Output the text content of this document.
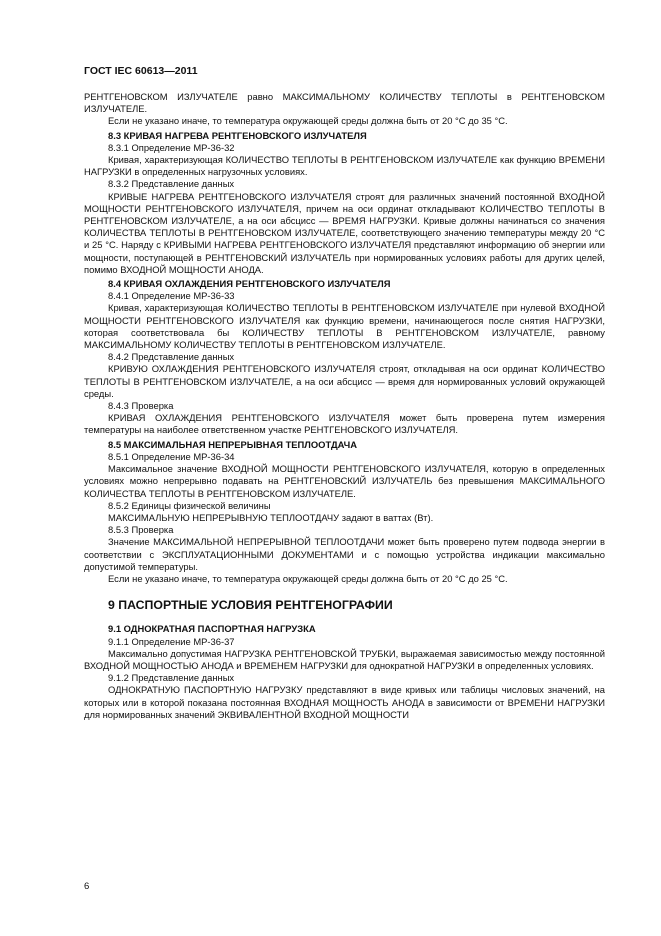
ГОСТ IEC 60613—2011

РЕНТГЕНОВСКОМ ИЗЛУЧАТЕЛЕ равно МАКСИМАЛЬНОМУ КОЛИЧЕСТВУ ТЕПЛОТЫ в РЕНТГЕНОВСКОМ ИЗЛУЧАТЕЛЕ.

Если не указано иначе, то температура окружающей среды должна быть от 20 °С до 35 °С.

8.3 КРИВАЯ НАГРЕВА РЕНТГЕНОВСКОГО ИЗЛУЧАТЕЛЯ

8.3.1 Определение МР-36-32

Кривая, характеризующая КОЛИЧЕСТВО ТЕПЛОТЫ В РЕНТГЕНОВСКОМ ИЗЛУЧАТЕЛЕ как функцию ВРЕМЕНИ НАГРУЗКИ в определенных нагрузочных условиях.

8.3.2 Представление данных

КРИВЫЕ НАГРЕВА РЕНТГЕНОВСКОГО ИЗЛУЧАТЕЛЯ строят для различных значений постоянной ВХОДНОЙ МОЩНОСТИ РЕНТГЕНОВСКОГО ИЗЛУЧАТЕЛЯ, причем на оси ординат откладывают КОЛИЧЕСТВО ТЕПЛОТЫ В РЕНТГЕНОВСКОМ ИЗЛУЧАТЕЛЕ, а на оси абсцисс — ВРЕМЯ НАГРУЗКИ. Кривые должны начинаться со значения КОЛИЧЕСТВА ТЕПЛОТЫ В РЕНТГЕНОВСКОМ ИЗЛУЧАТЕЛЕ, соответствующего значению температуры между 20 °С и 25 °С. Наряду с КРИВЫМИ НАГРЕВА РЕНТГЕНОВСКОГО ИЗЛУЧАТЕЛЯ представляют информацию об энергии или мощности, поступающей в РЕНТГЕНОВСКИЙ ИЗЛУЧАТЕЛЬ при нормированных условиях работы для других целей, помимо ВХОДНОЙ МОЩНОСТИ АНОДА.

8.4 КРИВАЯ ОХЛАЖДЕНИЯ РЕНТГЕНОВСКОГО ИЗЛУЧАТЕЛЯ

8.4.1 Определение МР-36-33

Кривая, характеризующая КОЛИЧЕСТВО ТЕПЛОТЫ В РЕНТГЕНОВСКОМ ИЗЛУЧАТЕЛЕ при нулевой ВХОДНОЙ МОЩНОСТИ РЕНТГЕНОВСКОГО ИЗЛУЧАТЕЛЯ как функцию времени, начинающегося после снятия НАГРУЗКИ, которая соответствовала бы КОЛИЧЕСТВУ ТЕПЛОТЫ В РЕНТГЕНОВСКОМ ИЗЛУЧАТЕЛЕ, равному МАКСИМАЛЬНОМУ КОЛИЧЕСТВУ ТЕПЛОТЫ В РЕНТГЕНОВСКОМ ИЗЛУЧАТЕЛЕ.

8.4.2 Представление данных

КРИВУЮ ОХЛАЖДЕНИЯ РЕНТГЕНОВСКОГО ИЗЛУЧАТЕЛЯ строят, откладывая на оси ординат КОЛИЧЕСТВО ТЕПЛОТЫ В РЕНТГЕНОВСКОМ ИЗЛУЧАТЕЛЕ, а на оси абсцисс — время для нормированных условий окружающей среды.

8.4.3 Проверка

КРИВАЯ ОХЛАЖДЕНИЯ РЕНТГЕНОВСКОГО ИЗЛУЧАТЕЛЯ может быть проверена путем измерения температуры на наиболее ответственном участке РЕНТГЕНОВСКОГО ИЗЛУЧАТЕЛЯ.

8.5 МАКСИМАЛЬНАЯ НЕПРЕРЫВНАЯ ТЕПЛООТДАЧА

8.5.1 Определение МР-36-34

Максимальное значение ВХОДНОЙ МОЩНОСТИ РЕНТГЕНОВСКОГО ИЗЛУЧАТЕЛЯ, которую в определенных условиях можно непрерывно подавать на РЕНТГЕНОВСКИЙ ИЗЛУЧАТЕЛЬ без превышения МАКСИМАЛЬНОГО КОЛИЧЕСТВА ТЕПЛОТЫ В РЕНТГЕНОВСКОМ ИЗЛУЧАТЕЛЕ.

8.5.2 Единицы физической величины

МАКСИМАЛЬНУЮ НЕПРЕРЫВНУЮ ТЕПЛООТДАЧУ задают в ваттах (Вт).

8.5.3 Проверка

Значение МАКСИМАЛЬНОЙ НЕПРЕРЫВНОЙ ТЕПЛООТДАЧИ может быть проверено путем подвода энергии в соответствии с ЭКСПЛУАТАЦИОННЫМИ ДОКУМЕНТАМИ и с помощью устройства индикации максимально допустимой температуры.

Если не указано иначе, то температура окружающей среды должна быть от 20 °С до 25 °С.

9 ПАСПОРТНЫЕ УСЛОВИЯ РЕНТГЕНОГРАФИИ

9.1 ОДНОКРАТНАЯ ПАСПОРТНАЯ НАГРУЗКА

9.1.1 Определение МР-36-37

Максимально допустимая НАГРУЗКА РЕНТГЕНОВСКОЙ ТРУБКИ, выражаемая зависимостью между постоянной ВХОДНОЙ МОЩНОСТЬЮ АНОДА и ВРЕМЕНЕМ НАГРУЗКИ для однократной НАГРУЗКИ в определенных условиях.

9.1.2 Представление данных

ОДНОКРАТНУЮ ПАСПОРТНУЮ НАГРУЗКУ представляют в виде кривых или таблицы числовых значений, на которых или в которой показана постоянная ВХОДНАЯ МОЩНОСТЬ АНОДА в зависимости от ВРЕМЕНИ НАГРУЗКИ для нормированных значений ЭКВИВАЛЕНТНОЙ ВХОДНОЙ МОЩНОСТИ

6
